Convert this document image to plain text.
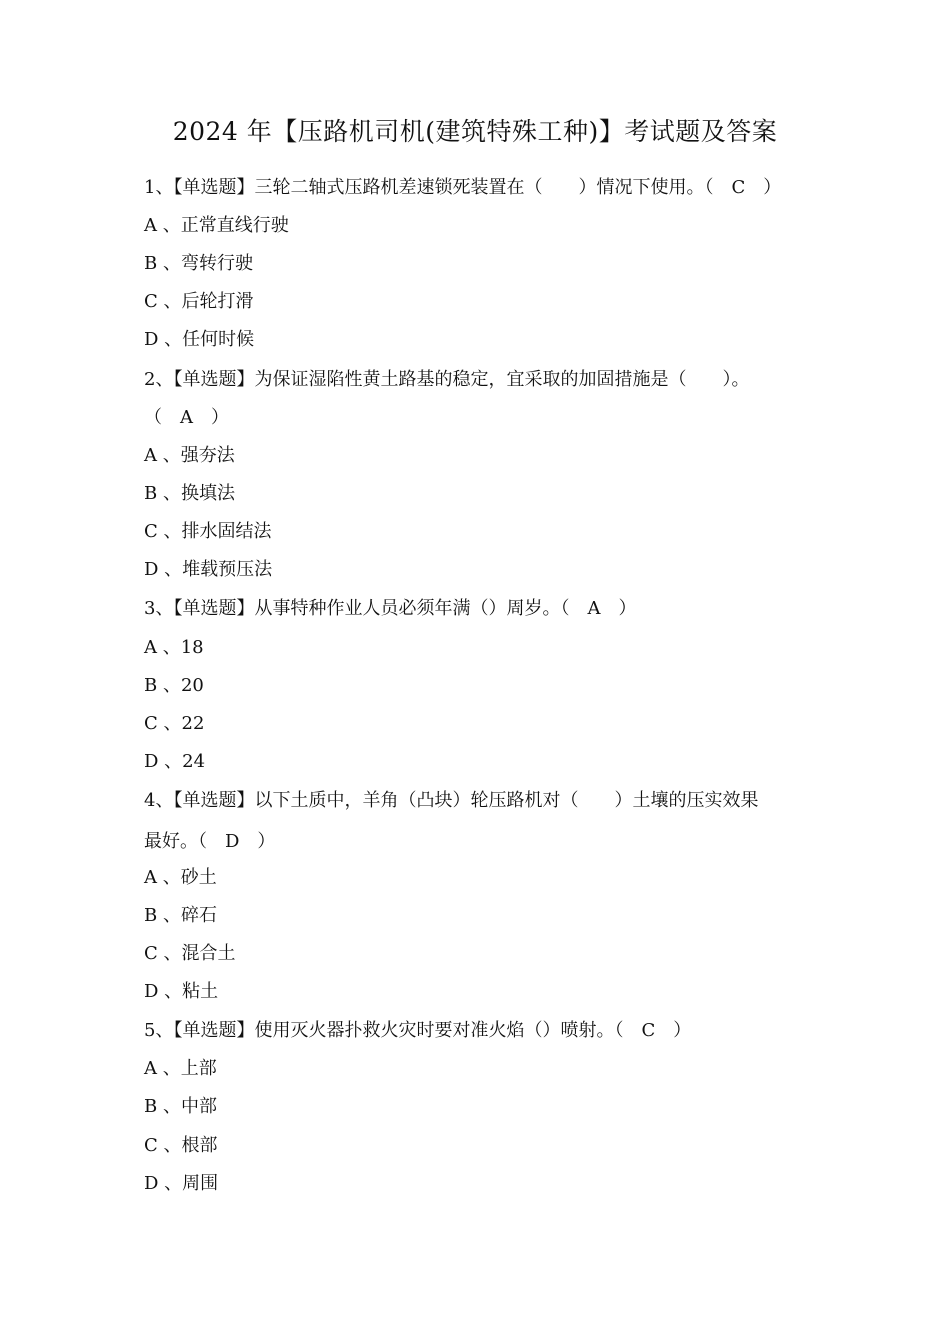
2024 年【压路机司机(建筑特殊工种)】考试题及答案
1、【单选题】三轮二轴式压路机差速锁死装置在（　　）情况下使用。（　C　）
A 、正常直线行驶
B 、弯转行驶
C 、后轮打滑
D 、任何时候
2、【单选题】为保证湿陷性黄土路基的稳定，宜采取的加固措施是（　　）。
（　A　）
A 、强夯法
B 、换填法
C 、排水固结法
D 、堆载预压法
3、【单选题】从事特种作业人员必须年满（）周岁。（　A　）
A 、18
B 、20
C 、22
D 、24
4、【单选题】以下土质中，羊角（凸块）轮压路机对（　　）土壤的压实效果
最好。（　D　）
A 、砂土
B 、碎石
C 、混合土
D 、粘土
5、【单选题】使用灭火器扑救火灾时要对准火焰（）喷射。（　C　）
A 、上部
B 、中部
C 、根部
D 、周围
